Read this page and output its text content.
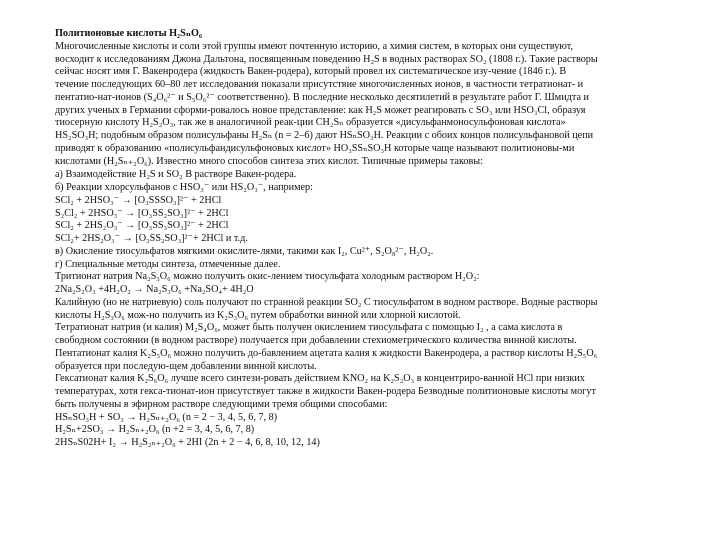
Политионовые кислоты H₂SₙO₆
Многочисленные кислоты и соли этой группы имеют почтенную историю, а химия систем, в которых они существуют,
восходит к исследованиям Джона Дальтона, посвященным поведению H₂S в водных растворах SO₂ (1808 г.). Такие растворы
сейчас носят имя Г. Вакенродера (жидкость Вакен-родера), который провел их систематическое изу-чение (1846 г.). В
течение последующих 60–80 лет исследования показали присутствие многочисленных ионов, в частности тетратионат- и
пентатио-нат-ионов (S₄O₆²⁻ и S₅O₆²⁻ соответственно). В последние несколько десятилетий в результате работ Г. Шмидта и
других ученых в Германии сформи-ровалось новое представление: как H₂S может реагировать с SO₃ или HSO₃Cl, образуя
тиосерную кислоту H₂S₂O₃, так же в аналогичной реак-ции CH₂Sₙ образуется «дисульфанмоносульфоновая кислота»
HS₂SO₃H; подобным образом полисульфаны H₂Sₙ (n = 2–6) дают HSₙSO₃H. Реакции с обоих концов полисульфановой цепи
приводят к образованию «полисульфандисульфоновых кислот» HO₃SSₙSO₃H которые чаще называют политионовы-ми
кислотами (H₂Sₙ₊₂O₆). Известно много способов синтеза этих кислот. Типичные примеры таковы:
а) Взаимодействие H₂S и SO₂ В растворе Вакен-родера.
б) Реакции хлорсульфанов с HSO₃⁻ или HS₂O₃⁻, например:
SCl₂ + 2HSO₃⁻ → [O₃SSSO₃]²⁻ + 2HCl
S₂Cl₂ + 2HSO₃⁻ → [O₃SS₂SO₃]²⁻ + 2HCl
SCl₂ + 2HS₂O₃⁻ → [O₃SS₃SO₃]²⁻ + 2HCl
SCl₂+ 2HS₂O₃⁻ → [O₃SS₂SO₃]²⁻+ 2HCl и т.д.
в) Окисление тиосульфатов мягкими окислите-лями, такими как I₂, Cu²⁺, S₂O₈²⁻, H₂O₂.
г) Специальные методы синтеза, отмеченные далее.
Тритионат натрия Na₂S₃O₆ можно получить окис-лением тиосульфата холодным раствором H₂O₂:
2Na₂S₂O₃ +4H₂O₂ → Na₂S₃O₆ +Na₂SO₄+ 4H₂O
Калийную (но не натриевую) соль получают по странной реакции SO₂ С тиосульфатом в водном растворе. Водные растворы
кислоты H₂S₃O₆ мож-но получить из K₂S₃O₆ путем обработки винной или хлорной кислотой.
Тетратионат натрия (и калия) M₂S₄O₆, может быть получен окислением тиосульфата с помощью I₂ , а сама кислота в
свободном состоянии (в водном растворе) получается при добавлении стехиометрического количества винной кислоты.
Пентатионат калия K₂S₅O₆ можно получить до-бавлением ацетата калия к жидкости Вакенродера, а раствор кислоты H₂S₅O₆
образуется при последую-щем добавлении винной кислоты.
Гексатионат калия K₂S₆O₆ лучше всего синтези-ровать действием KNO₂ на K₂S₂O₃ в концентриро-ванной HCl при низких
температурах, хотя гекса-тионат-ион присутствует также в жидкости Вакен-родера Безводные политионовые кислоты могут
быть получены в эфирном растворе следующими тремя общими способами:
HSₙSO₃H + SO₃ → H₂Sₙ₊₂O₆ (n = 2 − 3, 4, 5, 6, 7, 8)
H₂Sₙ+2SO₃ → H₂Sₙ₊₂O₆ (n +2 = 3, 4, 5, 6, 7, 8)
2HSₙS02H+ I₂ → H₂S₂ₙ₊₂O₆ + 2HI (2n + 2 − 4, 6, 8, 10, 12, 14)
